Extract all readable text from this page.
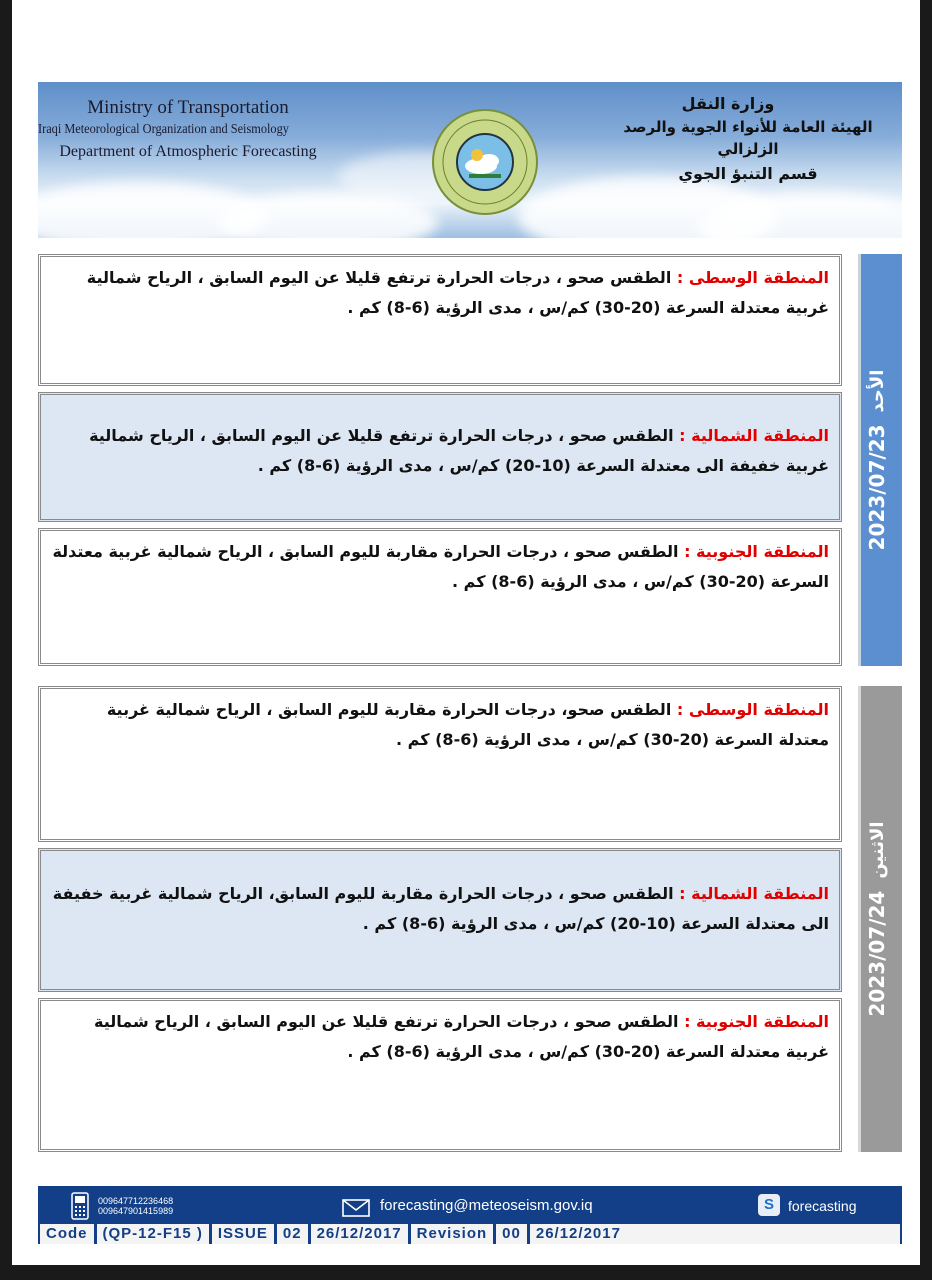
Ministry of Transportation
Iraqi Meteorological Organization and Seismology
Department of Atmospheric Forecasting
وزارة النقل
الهيئة العامة للأنواء الجوية والرصد الزلزالي
قسم التنبؤ الجوي
المنطقة الوسطى : الطقس صحو ، درجات الحرارة ترتفع قليلا عن اليوم السابق ، الرياح شمالية غربية معتدلة السرعة (20-30) كم/س ، مدى الرؤية (6-8) كم .
المنطقة الشمالية : الطقس صحو ، درجات الحرارة ترتفع قليلا عن اليوم السابق ، الرياح شمالية غربية خفيفة الى معتدلة السرعة (10-20) كم/س ، مدى الرؤية (6-8) كم .
المنطقة الجنوبية : الطقس صحو ، درجات الحرارة مقاربة لليوم السابق ، الرياح شمالية غربية معتدلة السرعة (20-30) كم/س ، مدى الرؤية (6-8) كم .
2023/07/23
الأحد
المنطقة الوسطى : الطقس صحو، درجات الحرارة مقاربة لليوم السابق ، الرياح شمالية غربية معتدلة السرعة (20-30) كم/س ، مدى الرؤية (6-8) كم .
المنطقة الشمالية : الطقس صحو ، درجات الحرارة مقاربة لليوم السابق، الرياح شمالية غربية خفيفة الى معتدلة السرعة (10-20) كم/س ، مدى الرؤية (6-8) كم .
المنطقة الجنوبية : الطقس صحو ، درجات الحرارة ترتفع قليلا عن اليوم السابق ، الرياح شمالية غربية معتدلة السرعة (20-30) كم/س ، مدى الرؤية (6-8) كم .
2023/07/24
الاثنين
009647712236468
009647901415989	forecasting@meteoseism.gov.iq	S	forecasting
Code	(QP-12-F15 )	ISSUE	02	26/12/2017	Revision	00	26/12/2017
